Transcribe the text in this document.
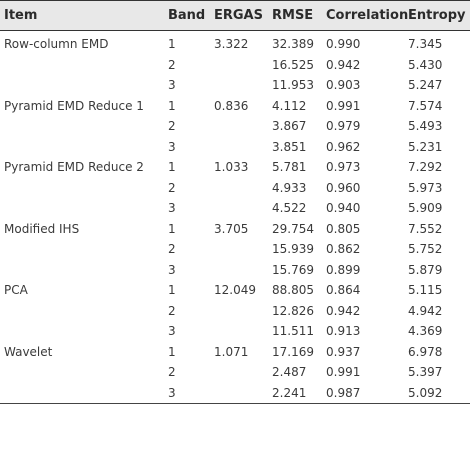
Item	Band	ERGAS	RMSE	Correlation	Entropy
Row-column EMD	1	3.322	32.389	0.990	7.345
	2		16.525	0.942	5.430
	3		11.953	0.903	5.247
Pyramid EMD Reduce 1	1	0.836	4.112	0.991	7.574
	2		3.867	0.979	5.493
	3		3.851	0.962	5.231
Pyramid EMD Reduce 2	1	1.033	5.781	0.973	7.292
	2		4.933	0.960	5.973
	3		4.522	0.940	5.909
Modified IHS	1	3.705	29.754	0.805	7.552
	2		15.939	0.862	5.752
	3		15.769	0.899	5.879
PCA	1	12.049	88.805	0.864	5.115
	2		12.826	0.942	4.942
	3		11.511	0.913	4.369
Wavelet	1	1.071	17.169	0.937	6.978
	2		2.487	0.991	5.397
	3		2.241	0.987	5.092
